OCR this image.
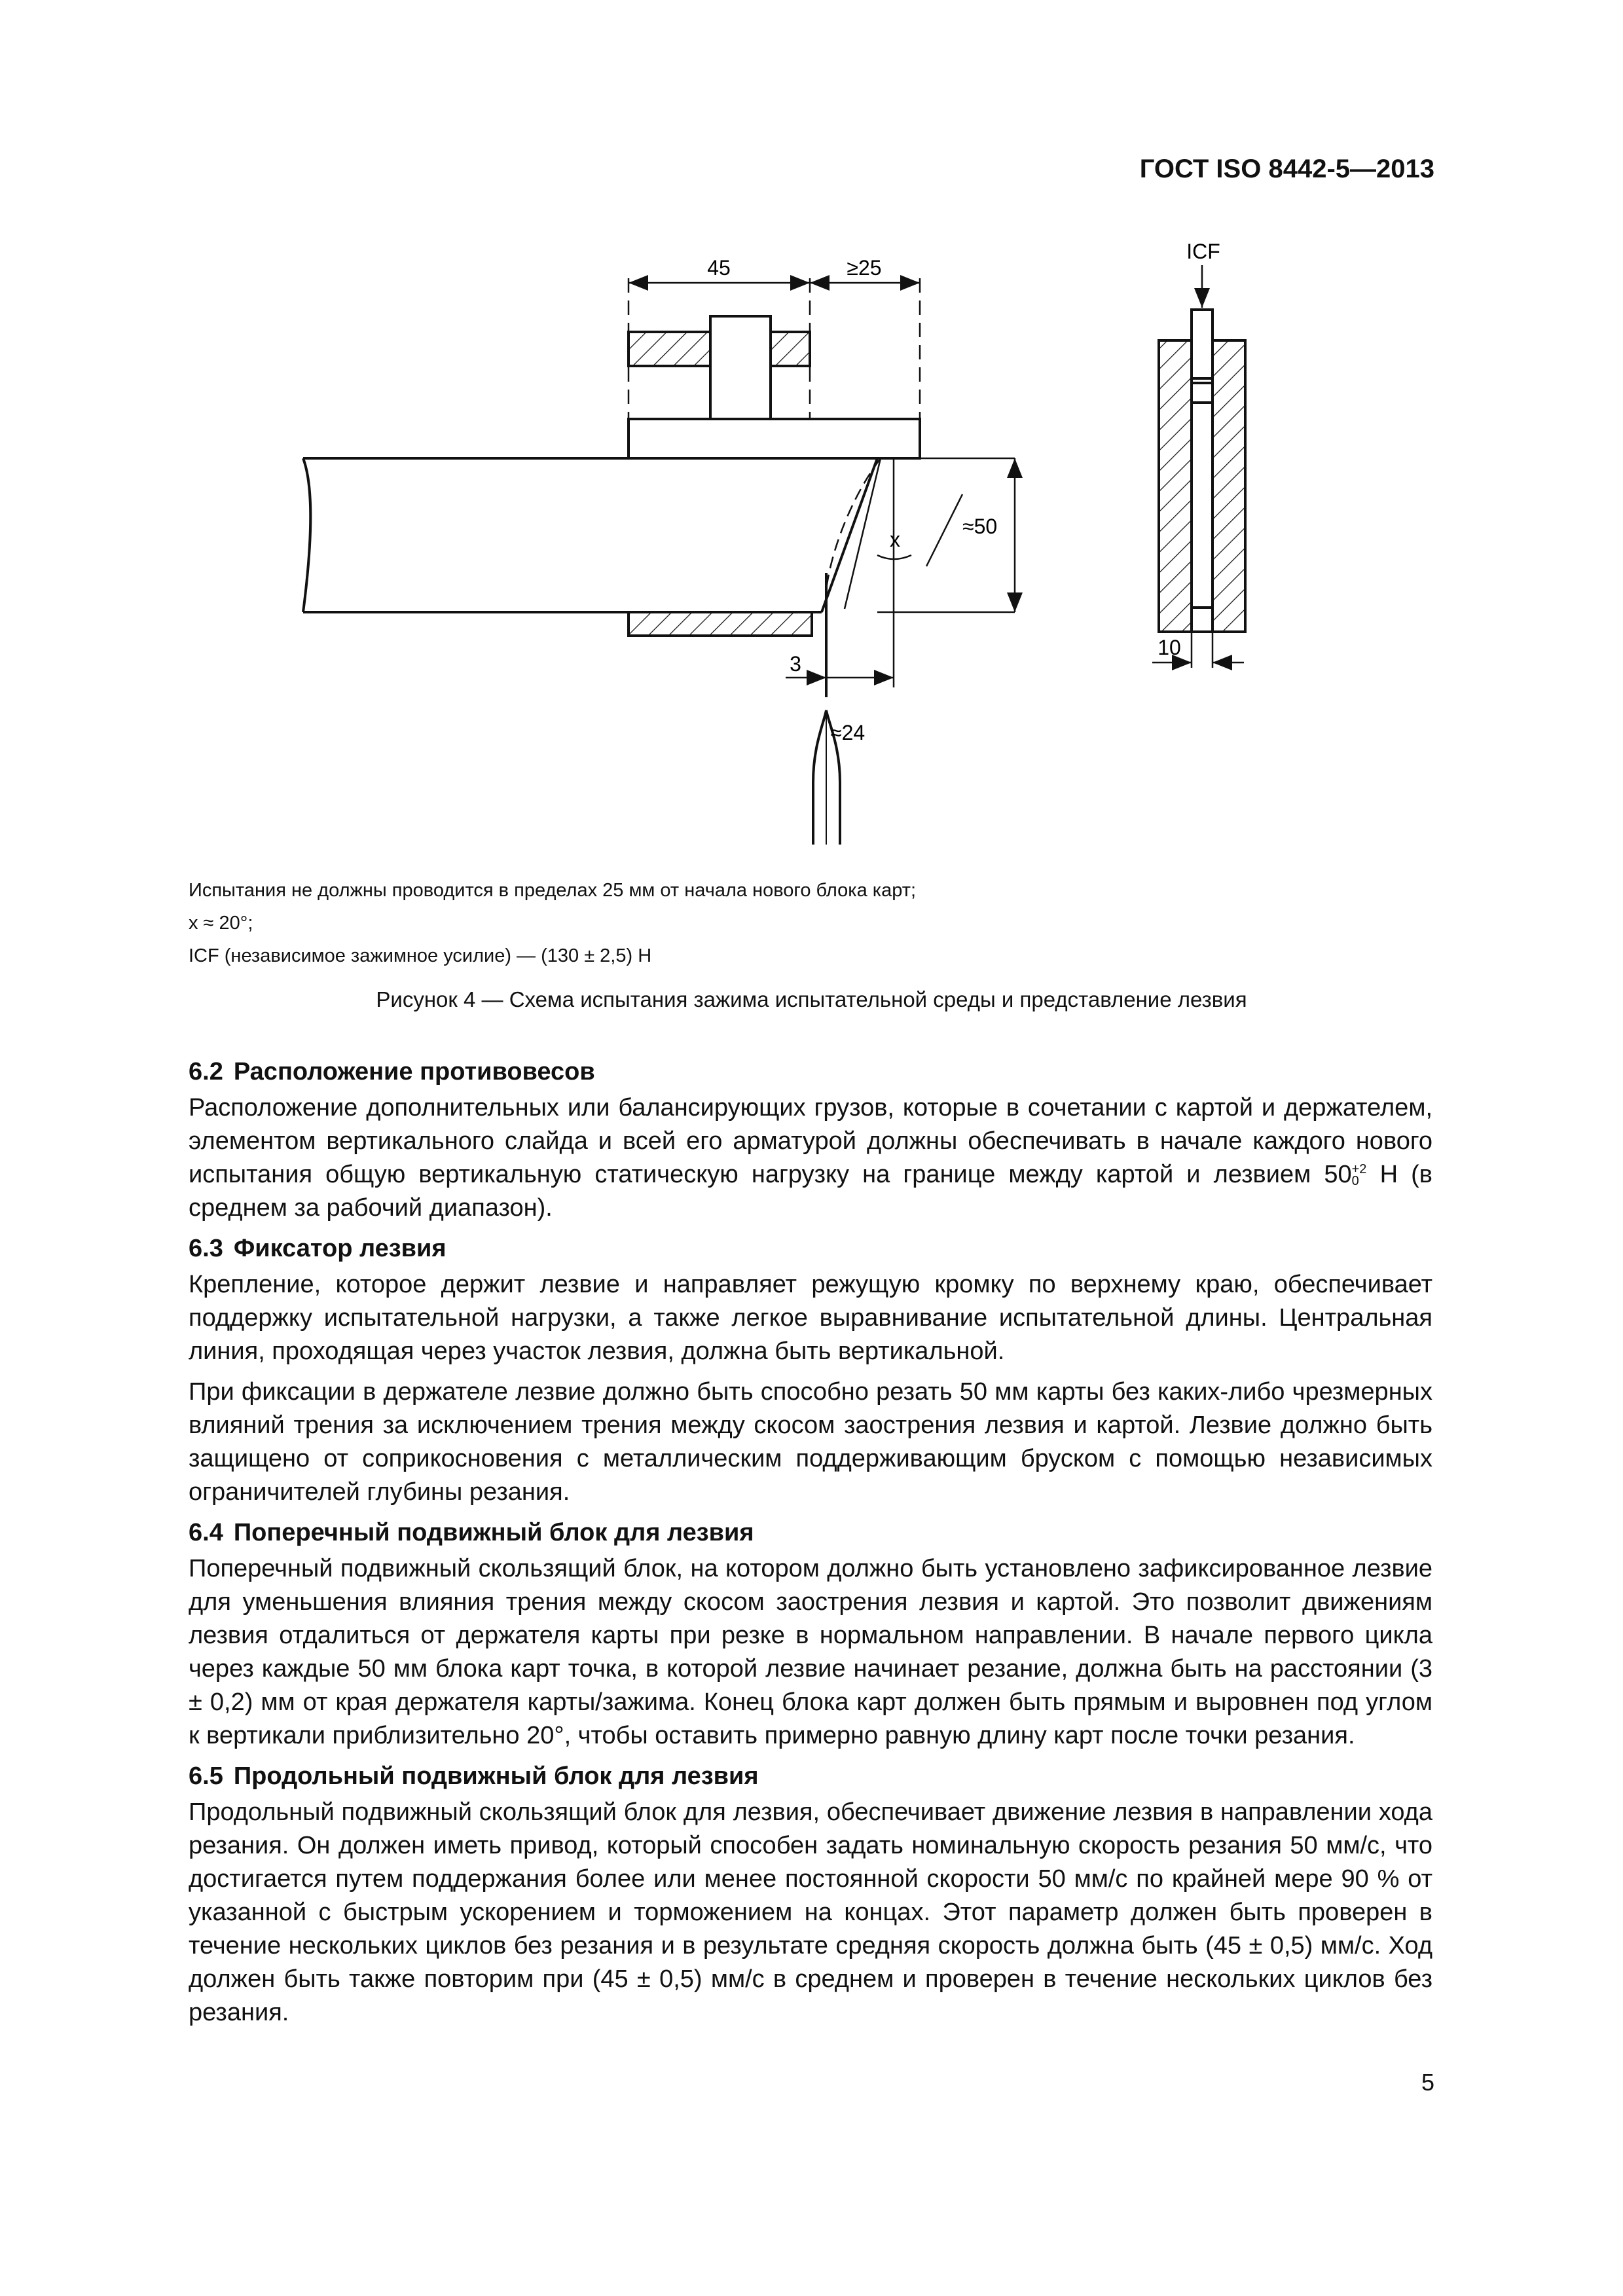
ГОСТ ISO 8442-5—2013
45	≥25
x
≈50
3
≈24
ICF
10
Испытания не должны проводится в пределах 25 мм от начала нового блока карт;
x ≈ 20°;
ICF (независимое зажимное усилие) — (130 ± 2,5) Н
Рисунок 4 — Схема испытания зажима испытательной среды и представление лезвия
6.2 Расположение противовесов

Расположение дополнительных или балансирующих грузов, которые в сочетании с картой и держателем, элементом вертикального слайда и всей его арматурой должны обеспечивать в начале каждого нового испытания общую вертикальную статическую нагрузку на границе между картой и лезвием 50 +2
0 Н (в среднем за рабочий диапазон).

6.3 Фиксатор лезвия

Крепление, которое держит лезвие и направляет режущую кромку по верхнему краю, обеспечивает поддержку испытательной нагрузки, а также легкое выравнивание испытательной длины. Центральная линия, проходящая через участок лезвия, должна быть вертикальной.

При фиксации в держателе лезвие должно быть способно резать 50 мм карты без каких-либо чрезмерных влияний трения за исключением трения между скосом заострения лезвия и картой. Лезвие должно быть защищено от соприкосновения с металлическим поддерживающим бруском с помощью независимых ограничителей глубины резания.

6.4 Поперечный подвижный блок для лезвия

Поперечный подвижный скользящий блок, на котором должно быть установлено зафиксированное лезвие для уменьшения влияния трения между скосом заострения лезвия и картой. Это позволит движениям лезвия отдалиться от держателя карты при резке в нормальном направлении. В начале первого цикла через каждые 50 мм блока карт точка, в которой лезвие начинает резание, должна быть на расстоянии (3 ± 0,2) мм от края держателя карты/зажима. Конец блока карт должен быть прямым и выровнен под углом к вертикали приблизительно 20°, чтобы оставить примерно равную длину карт после точки резания.

6.5 Продольный подвижный блок для лезвия

Продольный подвижный скользящий блок для лезвия, обеспечивает движение лезвия в направлении хода резания. Он должен иметь привод, который способен задать номинальную скорость резания 50 мм/с, что достигается путем поддержания более или менее постоянной скорости 50 мм/с по крайней мере 90 % от указанной с быстрым ускорением и торможением на концах. Этот параметр должен быть проверен в течение нескольких циклов без резания и в результате средняя скорость должна быть (45 ± 0,5) мм/с. Ход должен быть также повторим при (45 ± 0,5) мм/с в среднем и проверен в течение нескольких циклов без резания.

5
